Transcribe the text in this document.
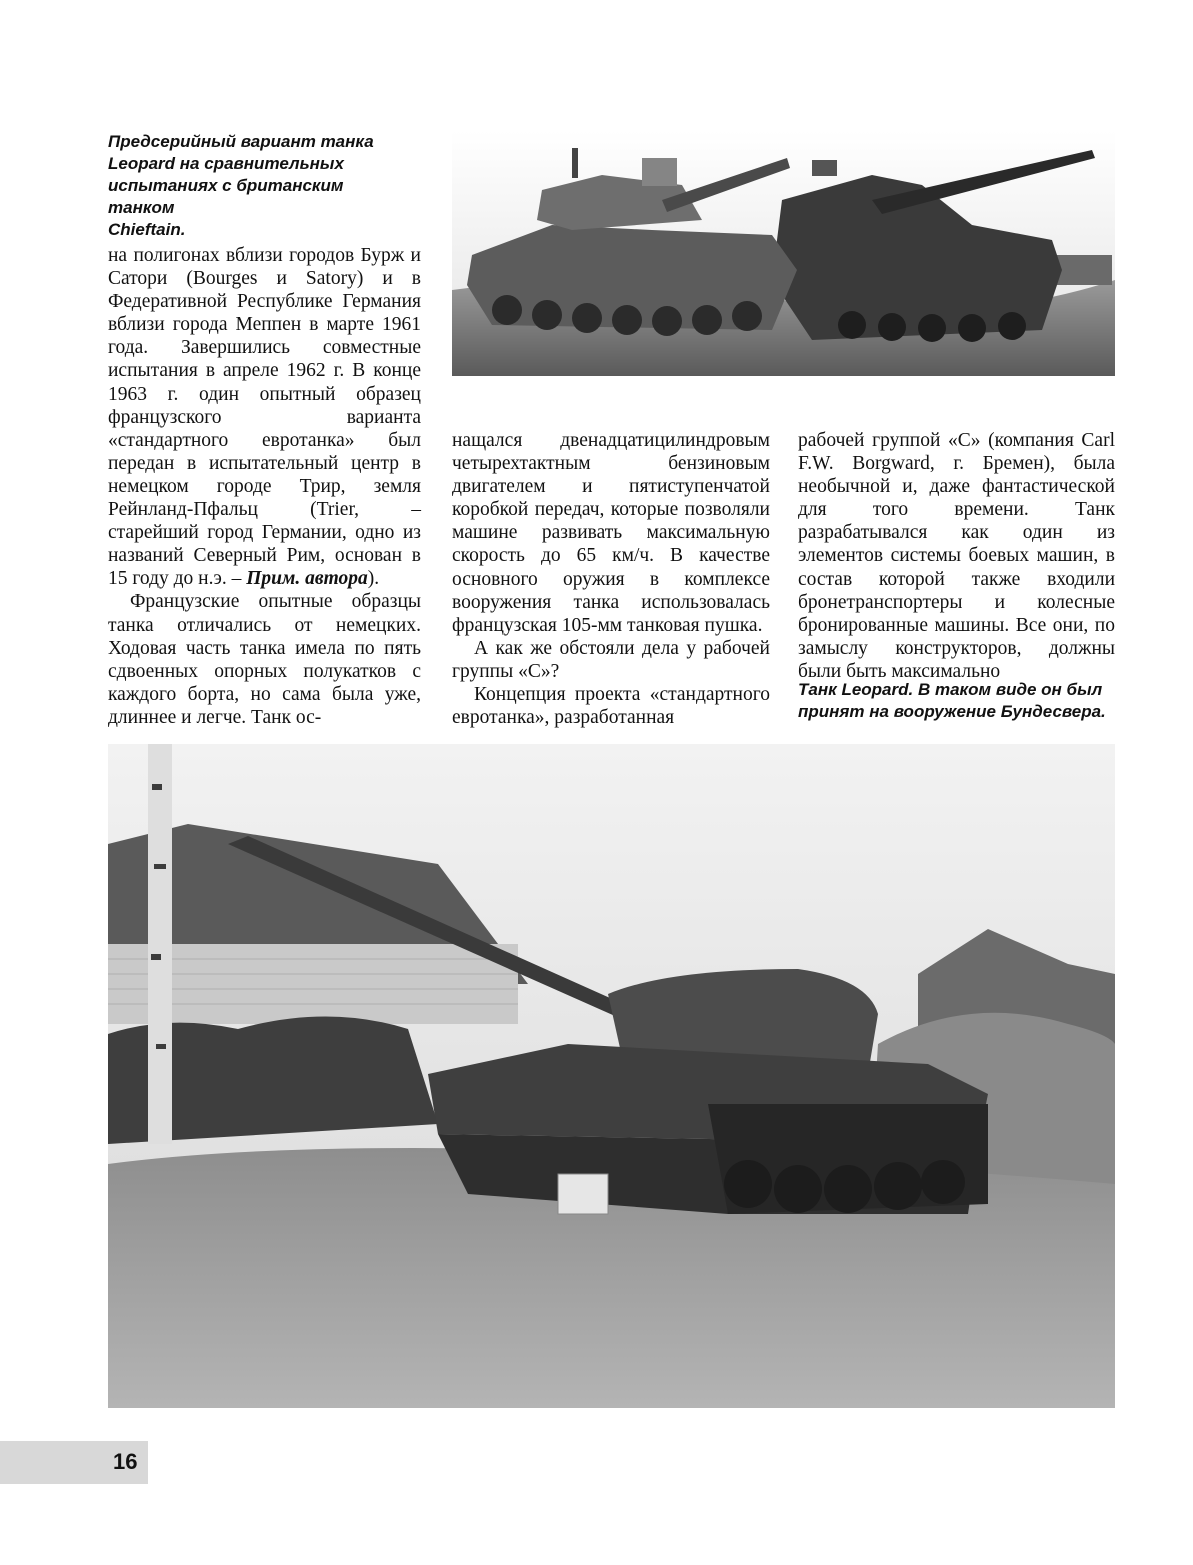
Предсерийный вариант танка
Leopard на сравнительных
испытаниях с британским танком
Chieftain.

на полигонах вблизи городов Бурж и Сатори (Bourges и Satory) и в Федеративной Республике Германия вблизи города Меппен в марте 1961 года. Завершились совместные испытания в апреле 1962 г. В конце 1963 г. один опытный образец французского варианта «стандартного евротанка» был передан в испытательный центр в немецком городе Трир, земля Рейнланд-Пфальц (Trier, – старейший город Германии, одно из названий Северный Рим, основан в 15 году до н.э. – Прим. автора).

Французские опытные образцы танка отличались от немецких. Ходовая часть танка имела по пять сдвоенных опорных полукатков с каждого борта, но сама была уже, длиннее и легче. Танк ос-

нащался двенадцатицилиндровым четырехтактным бензиновым двигателем и пятиступенчатой коробкой передач, которые позволяли машине развивать максимальную скорость до 65 км/ч. В качестве основного оружия в комплексе вооружения танка использовалась французская 105-мм танковая пушка.

А как же обстояли дела у рабочей группы «С»?

Концепция проекта «стандартного евротанка», разработанная

рабочей группой «С» (компания Carl F.W. Borgward, г. Бремен), была необычной и, даже фантастической для того времени. Танк разрабатывался как один из элементов системы боевых машин, в состав которой также входили бронетранспортеры и колесные бронированные машины. Все они, по замыслу конструкторов, должны были быть максимально

Танк Leopard. В таком виде он был
принят на вооружение Бундесвера.
16
